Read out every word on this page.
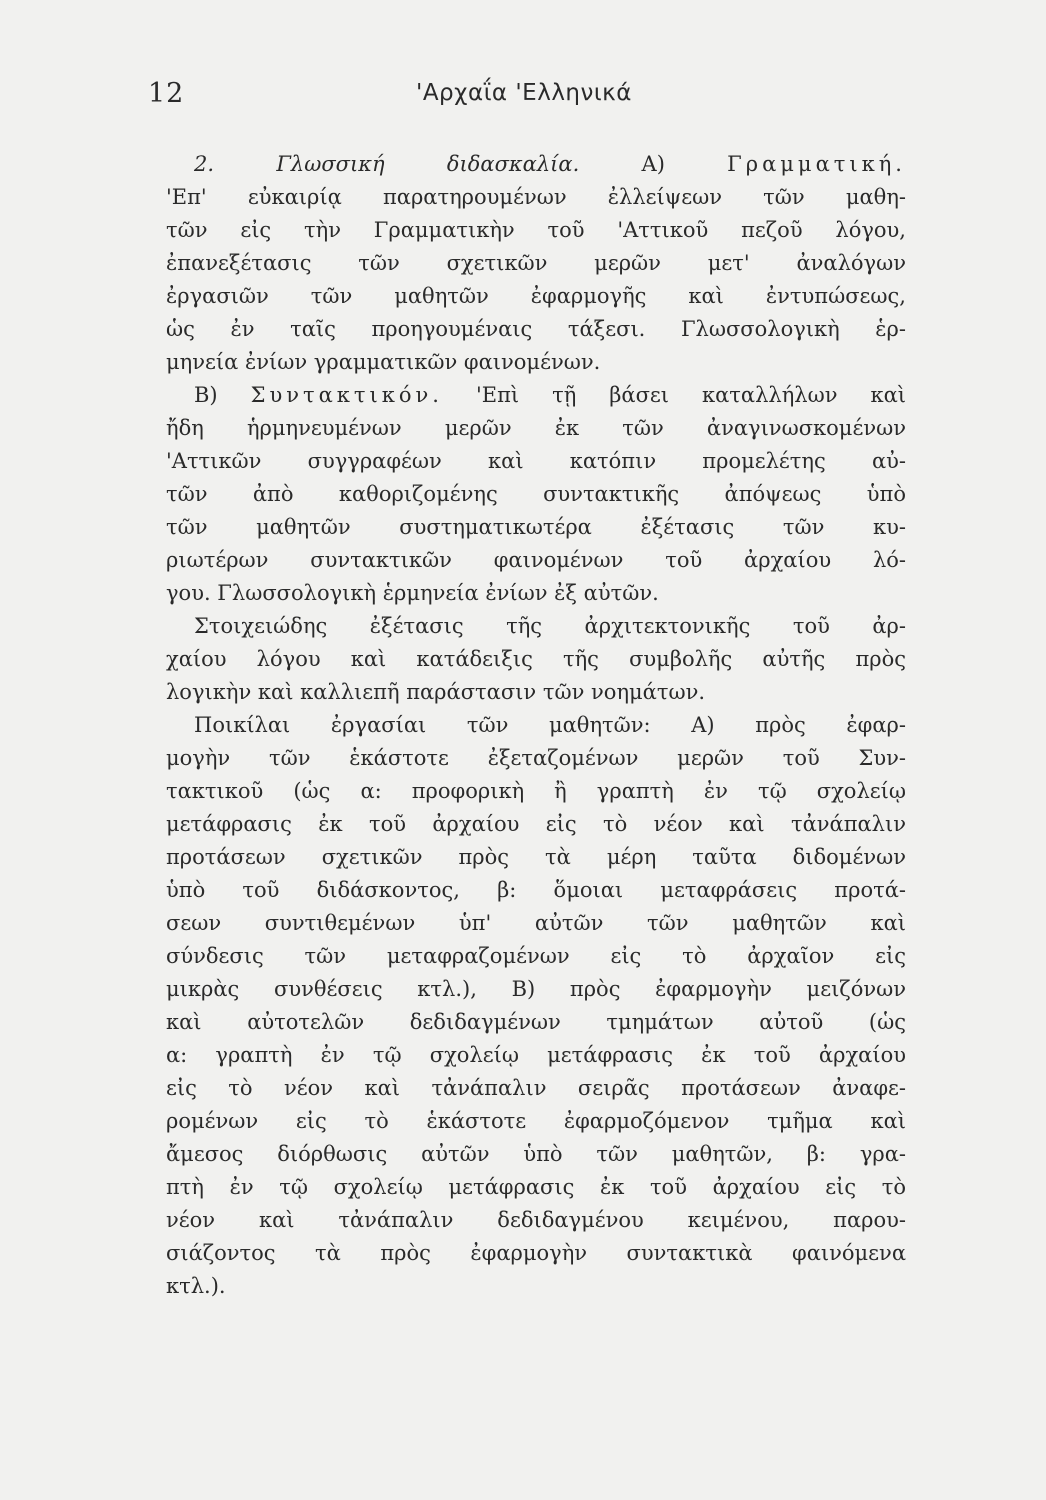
12	'Αρχαΐα 'Ελληνικά
2.	Γλωσσική διδασκαλία.	Α)	Γραμματική.
'Επ' εὐκαιρίᾳ παρατηρουμένων ἐλλείψεων τῶν μαθη-
τῶν εἰς τὴν Γραμματικὴν τοῦ 'Αττικοῦ πεζοῦ λόγου,
ἐπανεξέτασις τῶν σχετικῶν μερῶν μετ' ἀναλόγων
ἐργασιῶν τῶν μαθητῶν ἐφαρμογῆς καὶ ἐντυπώσεως,
ὡς ἐν ταῖς προηγουμέναις τάξεσι. Γλωσσολογικὴ ἑρ-
μηνεία ἐνίων γραμματικῶν φαινομένων.
Β) Συντακτικόν. 'Επὶ τῇ βάσει καταλλήλων καὶ
ἤδη ἡρμηνευμένων μερῶν ἐκ τῶν ἀναγινωσκομένων
'Αττικῶν συγγραφέων καὶ κατόπιν προμελέτης αὐ-
τῶν ἀπὸ καθοριζομένης συντακτικῆς ἀπόψεως ὑπὸ
τῶν μαθητῶν συστηματικωτέρα ἐξέτασις τῶν κυ-
ριωτέρων συντακτικῶν φαινομένων τοῦ ἀρχαίου λό-
γου. Γλωσσολογικὴ ἑρμηνεία ἐνίων ἐξ αὐτῶν.
Στοιχειώδης ἐξέτασις τῆς ἀρχιτεκτονικῆς τοῦ ἀρ-
χαίου λόγου καὶ κατάδειξις τῆς συμβολῆς αὐτῆς πρὸς
λογικὴν καὶ καλλιεπῆ παράστασιν τῶν νοημάτων.
Ποικίλαι ἐργασίαι τῶν μαθητῶν: Α) πρὸς ἐφαρ-
μογὴν τῶν ἑκάστοτε ἐξεταζομένων μερῶν τοῦ Συν-
τακτικοῦ (ὡς α: προφορικὴ ἢ γραπτὴ ἐν τῷ σχολείῳ
μετάφρασις ἐκ τοῦ ἀρχαίου εἰς τὸ νέον καὶ τἀνάπαλιν
προτάσεων σχετικῶν πρὸς τὰ μέρη ταῦτα διδομένων
ὑπὸ τοῦ διδάσκοντος, β: ὅμοιαι μεταφράσεις προτά-
σεων συντιθεμένων ὑπ' αὐτῶν τῶν μαθητῶν καὶ
σύνδεσις τῶν μεταφραζομένων εἰς τὸ ἀρχαῖον εἰς
μικρὰς συνθέσεις κτλ.), Β) πρὸς ἐφαρμογὴν μειζόνων
καὶ αὐτοτελῶν δεδιδαγμένων τμημάτων αὐτοῦ (ὡς
α: γραπτὴ ἐν τῷ σχολείῳ μετάφρασις ἐκ τοῦ ἀρχαίου
εἰς τὸ νέον καὶ τἀνάπαλιν σειρᾶς προτάσεων ἀναφε-
ρομένων εἰς τὸ ἑκάστοτε ἐφαρμοζόμενον τμῆμα καὶ
ἄμεσος διόρθωσις αὐτῶν ὑπὸ τῶν μαθητῶν, β: γρα-
πτὴ ἐν τῷ σχολείῳ μετάφρασις ἐκ τοῦ ἀρχαίου εἰς τὸ
νέον καὶ τἀνάπαλιν δεδιδαγμένου κειμένου, παρου-
σιάζοντος τὰ πρὸς ἐφαρμογὴν συντακτικὰ φαινόμενα
κτλ.).
